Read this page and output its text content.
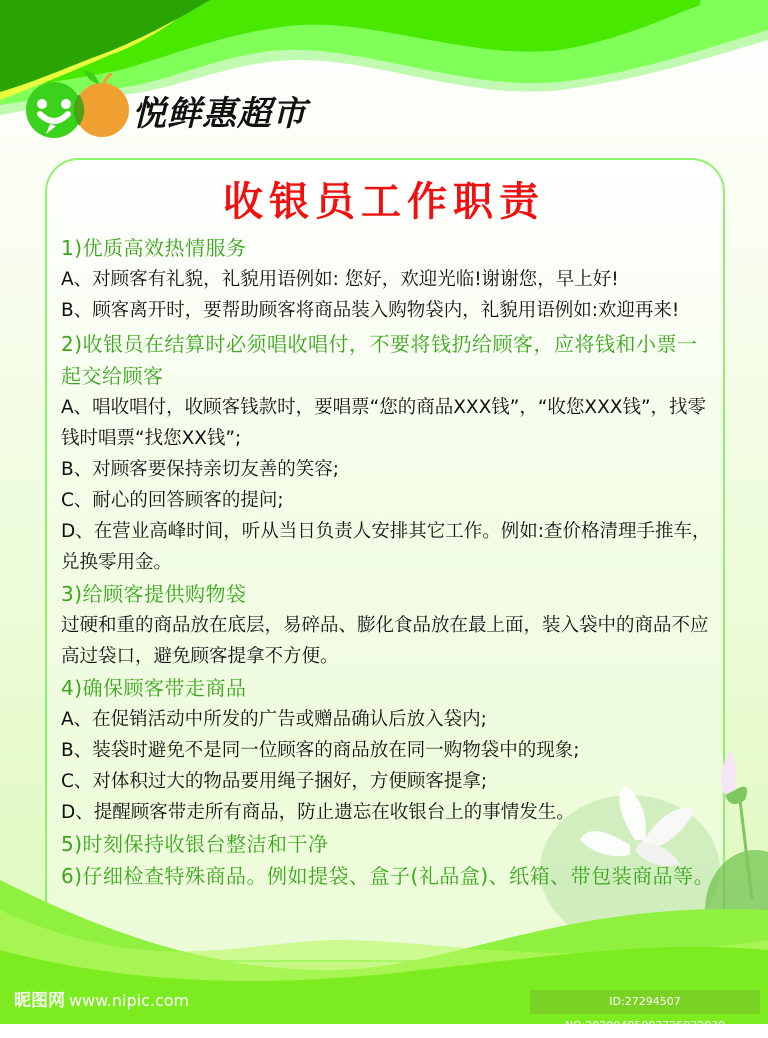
悦鲜惠超市
收银员工作职责

1)优质高效热情服务

A、对顾客有礼貌，礼貌用语例如: 您好，欢迎光临!谢谢您，早上好!

B、顾客离开时，要帮助顾客将商品装入购物袋内，礼貌用语例如:欢迎再来!

2)收银员在结算时必须唱收唱付，不要将钱扔给顾客，应将钱和小票一起交给顾客

A、唱收唱付，收顾客钱款时，要唱票“您的商品XXX钱”，“收您XXX钱”，找零钱时唱票“找您XX钱”;

B、对顾客要保持亲切友善的笑容;

C、耐心的回答顾客的提问;

D、在营业高峰时间，听从当日负责人安排其它工作。例如:查价格清理手推车，兑换零用金。

3)给顾客提供购物袋

过硬和重的商品放在底层，易碎品、膨化食品放在最上面，装入袋中的商品不应高过袋口，避免顾客提拿不方便。

4)确保顾客带走商品

A、在促销活动中所发的广告或赠品确认后放入袋内;

B、装袋时避免不是同一位顾客的商品放在同一购物袋中的现象;

C、对体积过大的物品要用绳子捆好，方便顾客提拿;

D、提醒顾客带走所有商品，防止遗忘在收银台上的事情发生。

5)时刻保持收银台整洁和干净

6)仔细检查特殊商品。例如提袋、盒子(礼品盒)、纸箱、带包装商品等。

昵图网 www.nipic.com	ID:27294507 NO:20200405083725932030
